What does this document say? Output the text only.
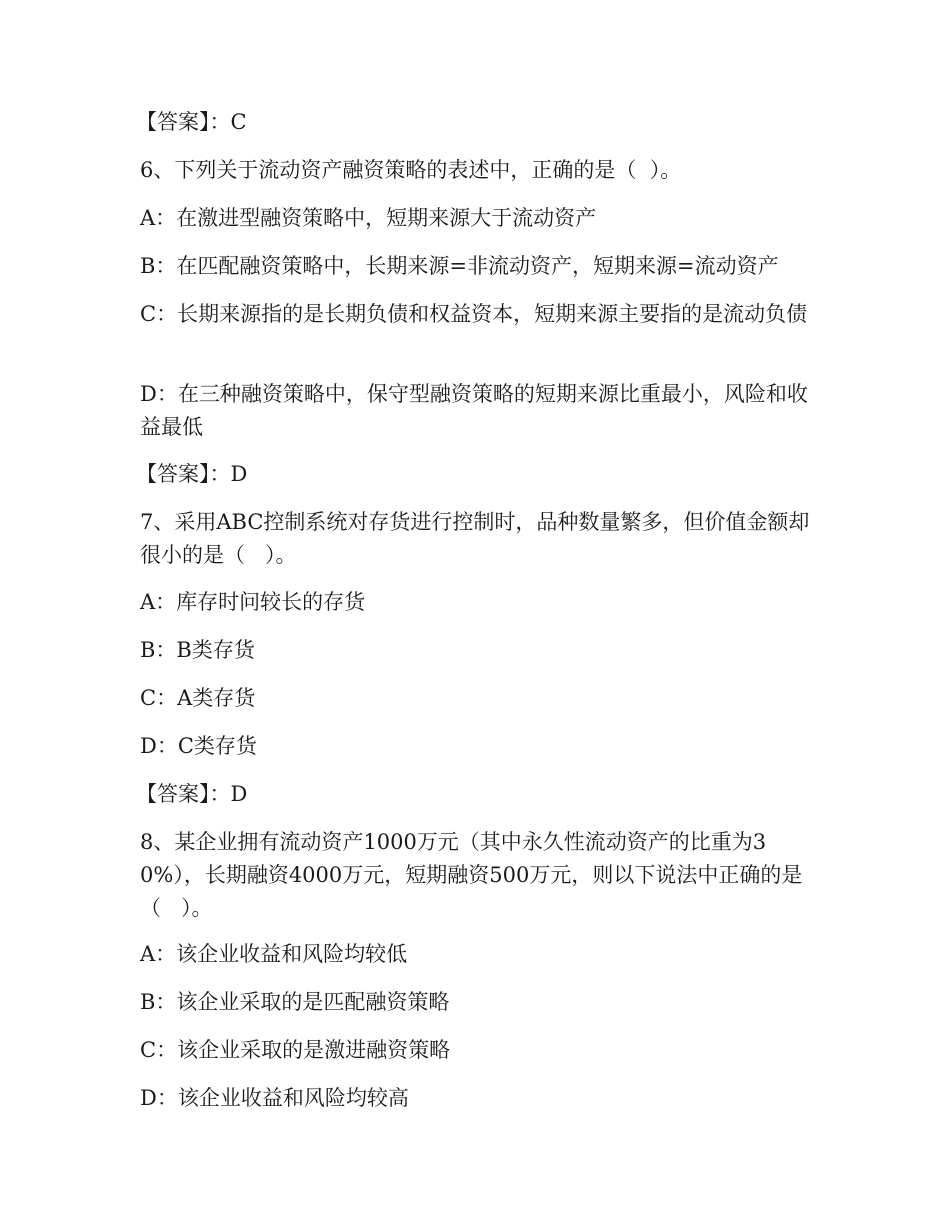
【答案】：C
6、下列关于流动资产融资策略的表述中，正确的是（  ）。
A：在激进型融资策略中，短期来源大于流动资产
B：在匹配融资策略中，长期来源=非流动资产，短期来源=流动资产
C：长期来源指的是长期负债和权益资本，短期来源主要指的是流动负债
D：在三种融资策略中，保守型融资策略的短期来源比重最小，风险和收益最低
【答案】：D
7、采用ABC控制系统对存货进行控制时，品种数量繁多，但价值金额却很小的是（   ）。
A：库存时问较长的存货
B：B类存货
C：A类存货
D：C类存货
【答案】：D
8、某企业拥有流动资产1000万元（其中永久性流动资产的比重为30%），长期融资4000万元，短期融资500万元，则以下说法中正确的是（   ）。
A：该企业收益和风险均较低
B：该企业采取的是匹配融资策略
C：该企业采取的是激进融资策略
D：该企业收益和风险均较高
